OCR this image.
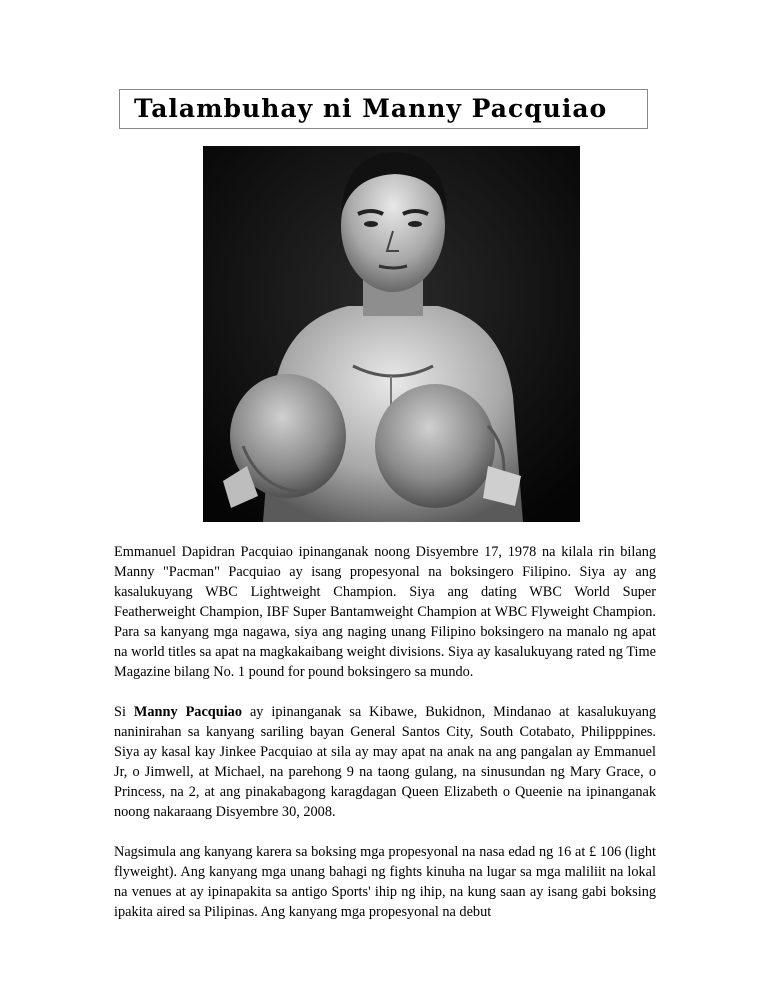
Talambuhay ni Manny Pacquiao

Emmanuel Dapidran Pacquiao ipinanganak noong Disyembre 17, 1978 na kilala rin bilang Manny "Pacman" Pacquiao ay isang propesyonal na boksingero Filipino. Siya ay ang kasalukuyang WBC Lightweight Champion. Siya ang dating WBC World Super Featherweight Champion, IBF Super Bantamweight Champion at WBC Flyweight Champion. Para sa kanyang mga nagawa, siya ang naging unang Filipino boksingero na manalo ng apat na world titles sa apat na magkakaibang weight divisions. Siya ay kasalukuyang rated ng Time Magazine bilang No. 1 pound for pound boksingero sa mundo.

Si Manny Pacquiao ay ipinanganak sa Kibawe, Bukidnon, Mindanao at kasalukuyang naninirahan sa kanyang sariling bayan General Santos City, South Cotabato, Philipppines. Siya ay kasal kay Jinkee Pacquiao at sila ay may apat na anak na ang pangalan ay Emmanuel Jr, o Jimwell, at Michael, na parehong 9 na taong gulang, na sinusundan ng Mary Grace, o Princess, na 2, at ang pinakabagong karagdagan Queen Elizabeth o Queenie na ipinanganak noong nakaraang Disyembre 30, 2008.

Nagsimula ang kanyang karera sa boksing mga propesyonal na nasa edad ng 16 at £ 106 (light flyweight). Ang kanyang mga unang bahagi ng fights kinuha na lugar sa mga maliliit na lokal na venues at ay ipinapakita sa antigo Sports' ihip ng ihip, na kung saan ay isang gabi boksing ipakita aired sa Pilipinas. Ang kanyang mga propesyonal na debut
